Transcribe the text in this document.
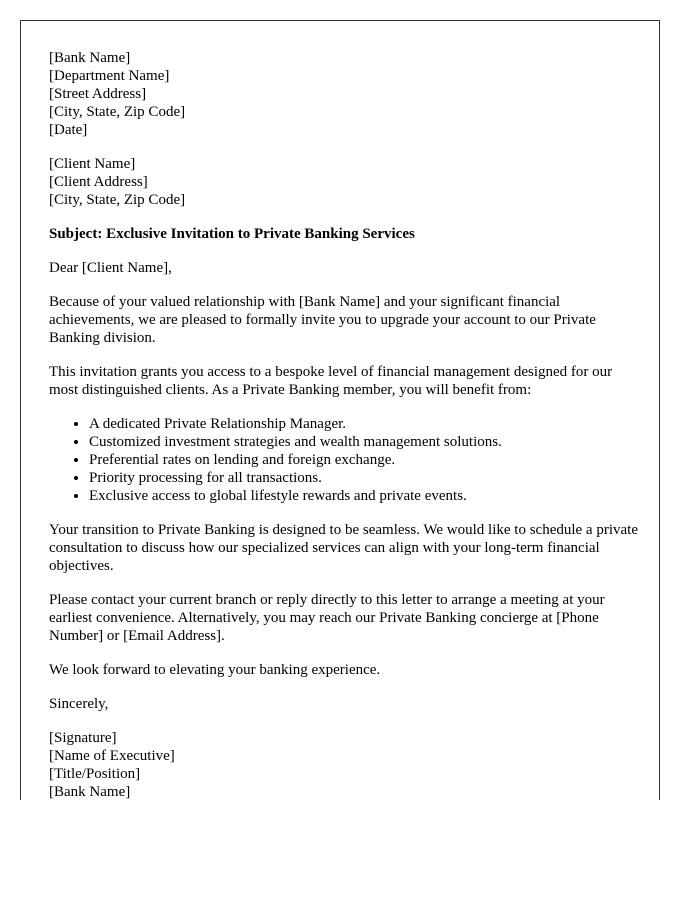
[Bank Name]
[Department Name]
[Street Address]
[City, State, Zip Code]
[Date]
[Client Name]
[Client Address]
[City, State, Zip Code]
Subject: Exclusive Invitation to Private Banking Services

Dear [Client Name],

Because of your valued relationship with [Bank Name] and your significant financial achievements, we are pleased to formally invite you to upgrade your account to our Private Banking division.

This invitation grants you access to a bespoke level of financial management designed for our most distinguished clients. As a Private Banking member, you will benefit from:

• A dedicated Private Relationship Manager.
• Customized investment strategies and wealth management solutions.
• Preferential rates on lending and foreign exchange.
• Priority processing for all transactions.
• Exclusive access to global lifestyle rewards and private events.

Your transition to Private Banking is designed to be seamless. We would like to schedule a private consultation to discuss how our specialized services can align with your long-term financial objectives.

Please contact your current branch or reply directly to this letter to arrange a meeting at your earliest convenience. Alternatively, you may reach our Private Banking concierge at [Phone Number] or [Email Address].

We look forward to elevating your banking experience.

Sincerely,

[Signature]
[Name of Executive]
[Title/Position]
[Bank Name]
